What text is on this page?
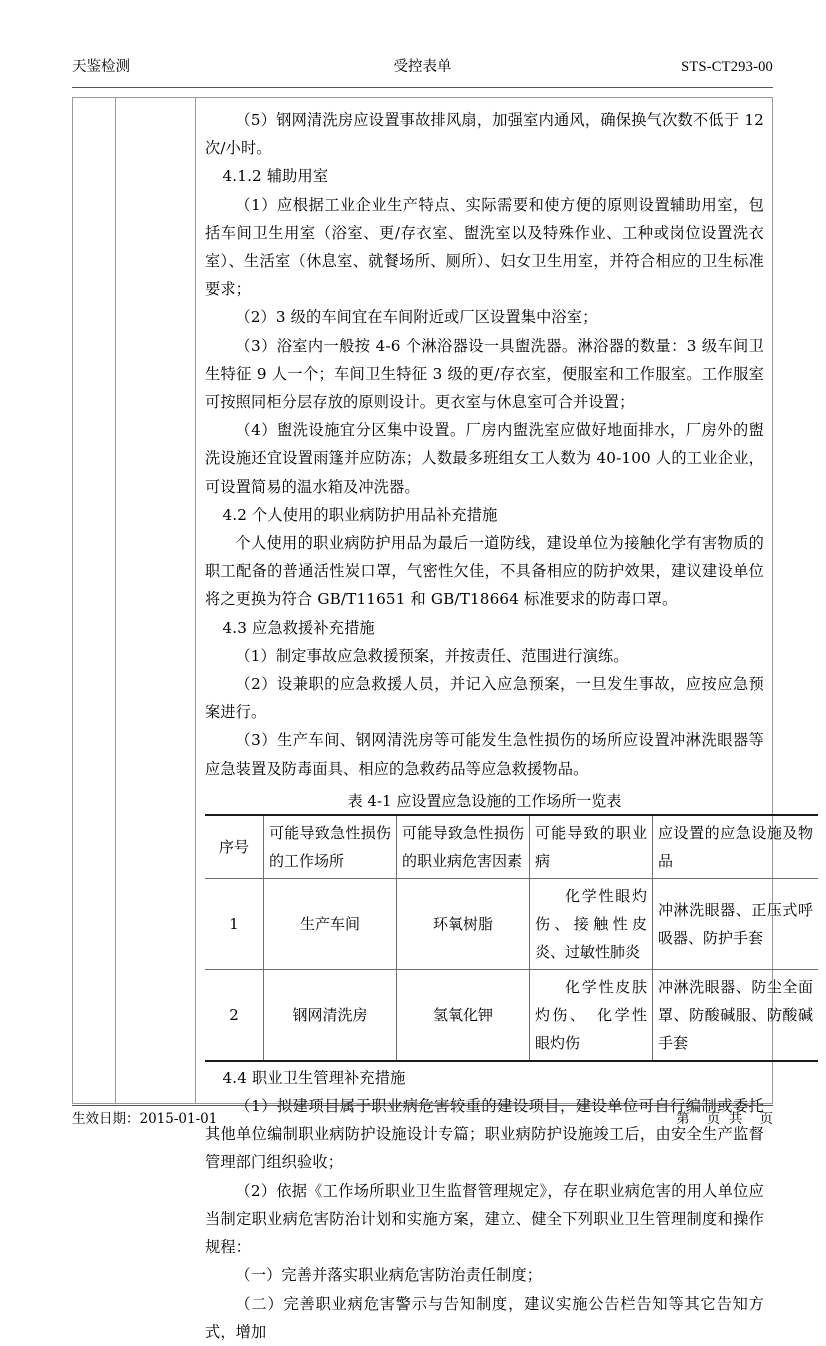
天鉴检测	受控表单	STS-CT293-00

（5）钢网清洗房应设置事故排风扇，加强室内通风，确保换气次数不低于 12 次/小时。

4.1.2 辅助用室

（1）应根据工业企业生产特点、实际需要和使方便的原则设置辅助用室，包括车间卫生用室（浴室、更/存衣室、盥洗室以及特殊作业、工种或岗位设置洗衣室）、生活室（休息室、就餐场所、厕所）、妇女卫生用室，并符合相应的卫生标准要求；

（2）3 级的车间宜在车间附近或厂区设置集中浴室；

（3）浴室内一般按 4-6 个淋浴器设一具盥洗器。淋浴器的数量：3 级车间卫生特征 9 人一个；车间卫生特征 3 级的更/存衣室，便服室和工作服室。工作服室可按照同柜分层存放的原则设计。更衣室与休息室可合并设置；

（4）盥洗设施宜分区集中设置。厂房内盥洗室应做好地面排水，厂房外的盥洗设施还宜设置雨篷并应防冻；人数最多班组女工人数为 40-100 人的工业企业，可设置简易的温水箱及冲洗器。

4.2 个人使用的职业病防护用品补充措施

个人使用的职业病防护用品为最后一道防线，建设单位为接触化学有害物质的职工配备的普通活性炭口罩，气密性欠佳，不具备相应的防护效果，建议建设单位将之更换为符合 GB/T11651 和 GB/T18664 标准要求的防毒口罩。

4.3 应急救援补充措施

（1）制定事故应急救援预案，并按责任、范围进行演练。

（2）设兼职的应急救援人员，并记入应急预案，一旦发生事故，应按应急预案进行。

（3）生产车间、钢网清洗房等可能发生急性损伤的场所应设置冲淋洗眼器等应急装置及防毒面具、相应的急救药品等应急救援物品。

表 4-1 应设置应急设施的工作场所一览表

序号	可能导致急性损伤的工作场所	可能导致急性损伤的职业病危害因素	可能导致的职业病	应设置的应急设施及物品
1	生产车间	环氧树脂	化学性眼灼伤、接触性皮炎、过敏性肺炎	冲淋洗眼器、正压式呼吸器、防护手套
2	钢网清洗房	氢氧化钾	化学性皮肤灼伤、　化学性眼灼伤	冲淋洗眼器、防尘全面罩、防酸碱服、防酸碱手套

4.4 职业卫生管理补充措施

（1）拟建项目属于职业病危害较重的建设项目，建设单位可自行编制或委托其他单位编制职业病防护设施设计专篇；职业病防护设施竣工后，由安全生产监督管理部门组织验收；

（2）依据《工作场所职业卫生监督管理规定》，存在职业病危害的用人单位应当制定职业病危害防治计划和实施方案，建立、健全下列职业卫生管理制度和操作规程：

（一）完善并落实职业病危害防治责任制度；

（二）完善职业病危害警示与告知制度，建议实施公告栏告知等其它告知方式，增加

生效日期：2015-01-01	第    页  共    页
